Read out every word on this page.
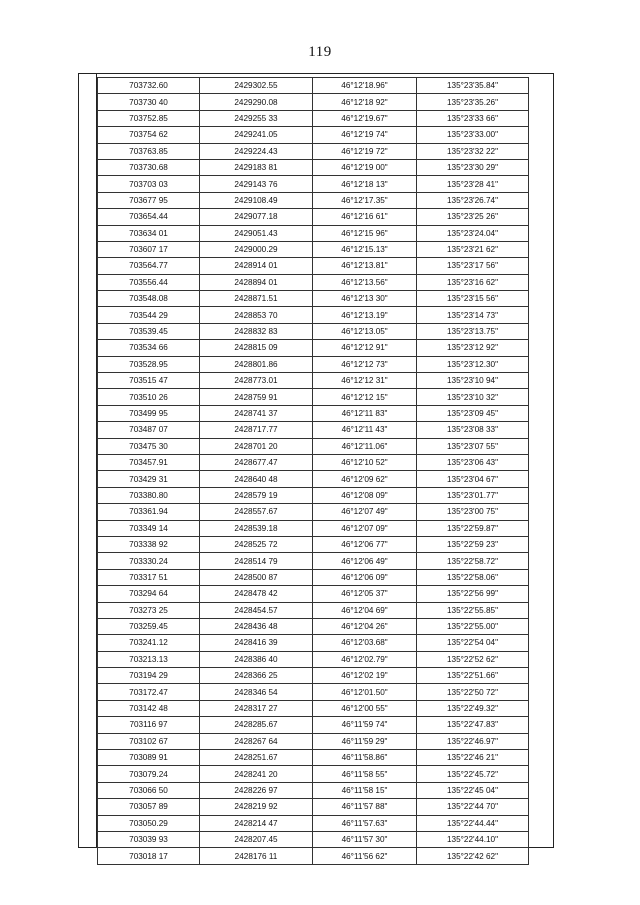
119
703732.60	2429302.55	46°12'18.96"	135°23'35.84"
703730 40	2429290.08	46°12'18 92"	135°23'35.26"
703752.85	2429255 33	46°12'19.67"	135°23'33 66"
703754 62	2429241.05	46°12'19 74"	135°23'33.00"
703763.85	2429224.43	46°12'19 72"	135°23'32 22"
703730.68	2429183 81	46°12'19 00"	135°23'30 29"
703703 03	2429143 76	46°12'18 13"	135°23'28 41"
703677 95	2429108.49	46°12'17.35"	135°23'26.74"
703654.44	2429077.18	46°12'16 61"	135°23'25 26"
703634 01	2429051.43	46°12'15 96"	135°23'24.04"
703607 17	2429000.29	46°12'15.13"	135°23'21 62"
703564.77	2428914 01	46°12'13.81"	135°23'17 56"
703556.44	2428894 01	46°12'13.56"	135°23'16 62"
703548.08	2428871.51	46°12'13 30"	135°23'15 56"
703544 29	2428853 70	46°12'13.19"	135°23'14 73"
703539.45	2428832 83	46°12'13.05"	135°23'13.75"
703534 66	2428815 09	46°12'12 91"	135°23'12 92"
703528.95	2428801.86	46°12'12 73"	135°23'12.30"
703515 47	2428773.01	46°12'12 31"	135°23'10 94"
703510 26	2428759 91	46°12'12 15"	135°23'10 32"
703499 95	2428741 37	46°12'11 83"	135°23'09 45"
703487 07	2428717.77	46°12'11 43"	135°23'08 33"
703475 30	2428701 20	46°12'11.06"	135°23'07 55"
703457.91	2428677.47	46°12'10 52"	135°23'06 43"
703429 31	2428640 48	46°12'09 62"	135°23'04 67"
703380.80	2428579 19	46°12'08 09"	135°23'01.77"
703361.94	2428557.67	46°12'07 49"	135°23'00 75"
703349 14	2428539.18	46°12'07 09"	135°22'59.87"
703338 92	2428525 72	46°12'06 77"	135°22'59 23"
703330.24	2428514 79	46°12'06 49"	135°22'58.72"
703317 51	2428500 87	46°12'06 09"	135°22'58.06"
703294 64	2428478 42	46°12'05 37"	135°22'56 99"
703273 25	2428454.57	46°12'04 69"	135°22'55.85"
703259.45	2428436 48	46°12'04 26"	135°22'55.00"
703241.12	2428416 39	46°12'03.68"	135°22'54 04"
703213.13	2428386 40	46°12'02.79"	135°22'52 62"
703194 29	2428366 25	46°12'02 19"	135°22'51.66"
703172.47	2428346 54	46°12'01.50"	135°22'50 72"
703142 48	2428317 27	46°12'00 55"	135°22'49.32"
703116 97	2428285.67	46°11'59 74"	135°22'47.83"
703102 67	2428267 64	46°11'59 29"	135°22'46.97"
703089 91	2428251.67	46°11'58.86"	135°22'46 21"
703079.24	2428241 20	46°11'58 55"	135°22'45.72"
703066 50	2428226 97	46°11'58 15"	135°22'45 04"
703057 89	2428219 92	46°11'57 88"	135°22'44 70"
703050.29	2428214 47	46°11'57.63"	135°22'44.44"
703039 93	2428207.45	46°11'57 30"	135°22'44.10"
703018 17	2428176 11	46°11'56 62"	135°22'42 62"
